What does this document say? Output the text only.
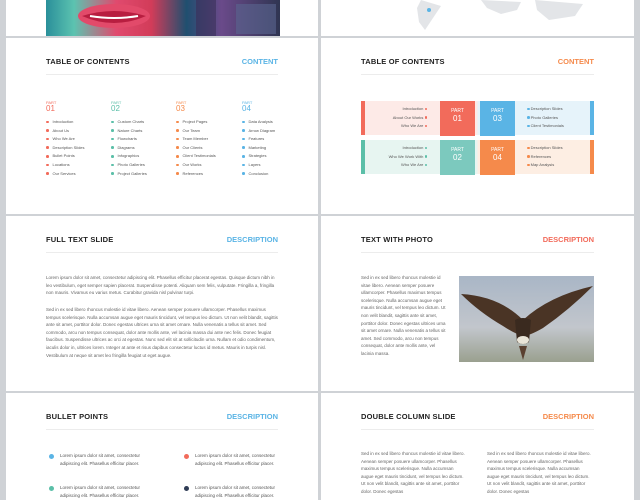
TABLE OF CONTENTS	CONTENT
PART
01
Introduction
About Us
Who We Are
Description Slides
Bullet Points
Locations
Our Services
PART
02
Custom Charts
Nature Charts
Flowcharts
Diagrams
Infographics
Photo Galleries
Project Galleries
PART
03
Project Pages
Our Team
Team Member
Our Clients
Client Testimonials
Our Works
References
PART
04
Data Analysis
Arrow Diagram
Features
Marketing
Strategies
Layers
Conclusion
TABLE OF CONTENTS	CONTENT
Introduction
About Our Works
Who We Are
Description Slides
Photo Galleries
Client Testimonials
PART
01
PART
03
Introduction
Who We Work With
Who We Are
Description Slides
References
Map Analysis
PART
02
PART
04
FULL TEXT SLIDE	DESCRIPTION

Lorem ipsum dolor sit amet, consectetur adipiscing elit. Phasellus efficitur placerat egestas. Quisque dictum nibh in leo vestibulum, eget semper sapien placerat. Suspendisse potenti. Aliquam sem felis, vulputate. Fringilla a, fringilla non mauris. Vivamus eu varius metus. Curabitur gravida nisl pulvinar turpi.

Sed in ex sed libero rhoncus molestie id vitae libero. Aenean semper posuere ullamcorper. Phasellus maximus tempus scelerisque. Nulla accumsan augue eget mauris tincidunt, vel tempus leo dictum. Ut non velit blandit, sagittis ante sit amet, porttitor dolor. Donec egestas ultrices urna sit amet ornare. Nulla venenatis a tellus sit amet. Sed commodo, arcu non tempus consequat, dolor ante mollis ante, vel lacinia massa dui ante nec felis. Donec feugiat faucibus. Suspendisse ultrices ac orci at egestas. Nunc sed elit sit at sollicitudin urna. Nullam et odio condimentum, iaculis dolor in, ultrices lorem. Integer at ante et risus dapibus consectetur luctus id metus. Mauris in turpis nisl. Vestibulum at neque sit amet leo fringilla feugiat ut eget augue.

TEXT WITH PHOTO	DESCRIPTION

Sed in ex sed libero rhoncus molestie id vitae libero. Aenean semper posuere ullamcorper. Phasellus maximus tempus scelerisque. Nulla accumsan augue eget mauris tincidunt, vel tempus leo dictum. Ut non velit blandit, sagittis ante sit amet, porttitor dolor. Donec egestas ultrices urna sit amet ornare. Nulla venenatis a tellus sit amet. Sed commodo, arcu non tempus consequat, dolor ante mollis ante, vel lacinia massa.

BULLET POINTS	DESCRIPTION
Lorem ipsum dolor sit amet, consectetur adipiscing elit. Phasellus efficitur placer.
Lorem ipsum dolor sit amet, consectetur adipiscing elit. Phasellus efficitur placer.
Lorem ipsum dolor sit amet, consectetur adipiscing elit. Phasellus efficitur placer.
Lorem ipsum dolor sit amet, consectetur adipiscing elit. Phasellus efficitur placer.
DOUBLE COLUMN SLIDE	DESCRIPTION

Sed in ex sed libero rhoncus molestie id vitae libero. Aenean semper posuere ullamcorper. Phasellus maximus tempus scelerisque. Nulla accumsan augue eget mauris tincidunt, vel tempus leo dictum. Ut non velit blandit, sagittis ante sit amet, porttitor dolor. Donec egestas

Sed in ex sed libero rhoncus molestie id vitae libero. Aenean semper posuere ullamcorper. Phasellus maximus tempus scelerisque. Nulla accumsan augue eget mauris tincidunt, vel tempus leo dictum. Ut non velit blandit, sagittis ante sit amet, porttitor dolor. Donec egestas
